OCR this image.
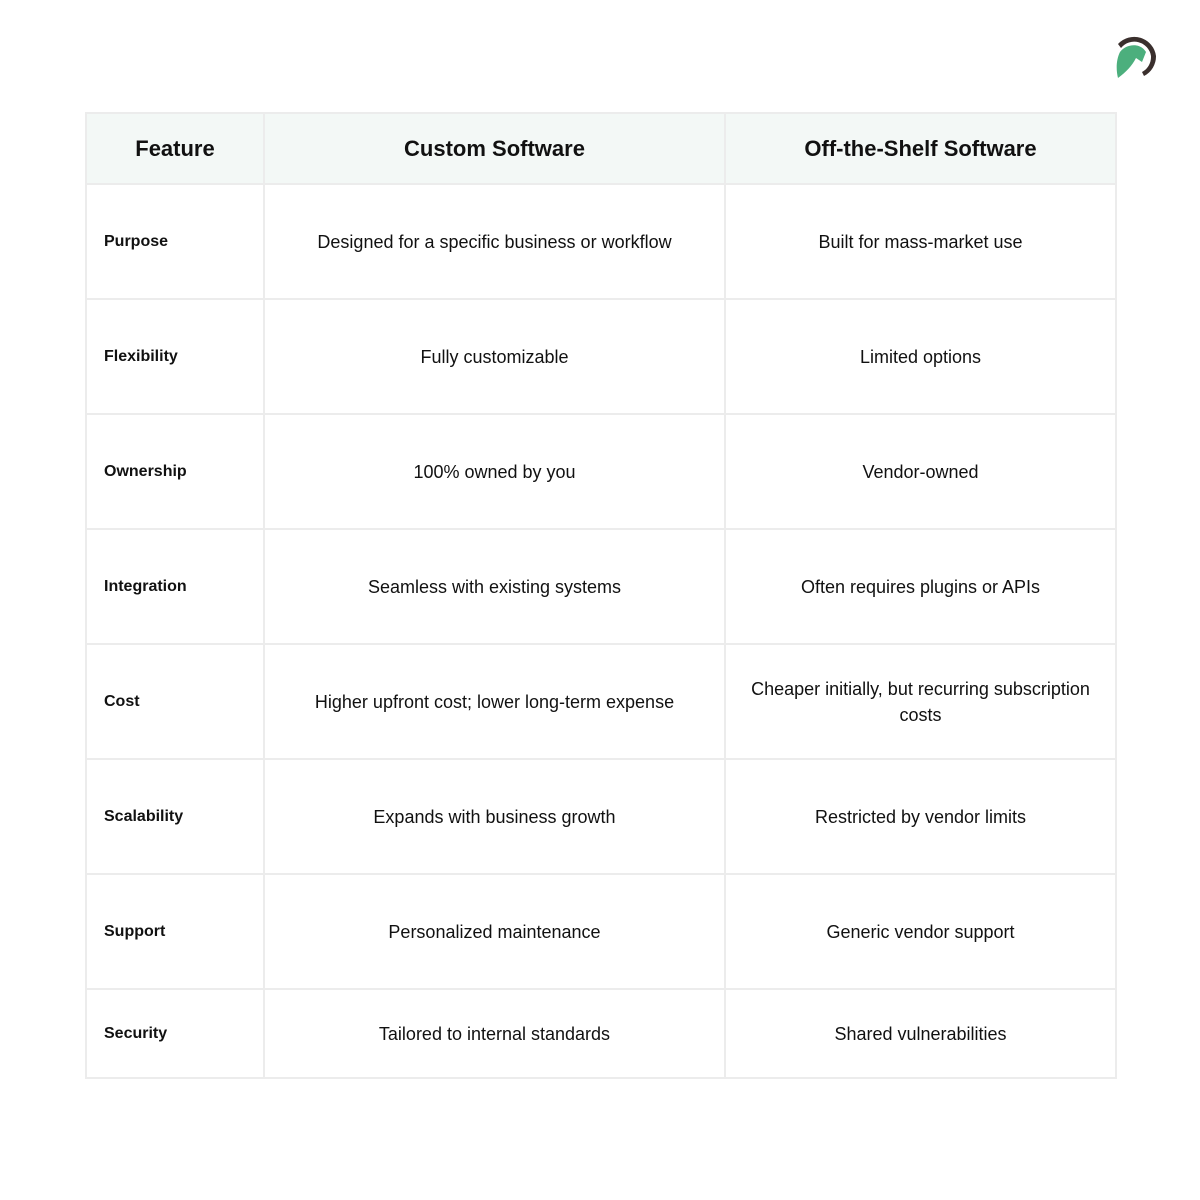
Feature	Custom Software	Off-the-Shelf Software
Purpose	Designed for a specific business or workflow	Built for mass-market use
Flexibility	Fully customizable	Limited options
Ownership	100% owned by you	Vendor-owned
Integration	Seamless with existing systems	Often requires plugins or APIs
Cost	Higher upfront cost; lower long-term expense	Cheaper initially, but recurring subscription costs
Scalability	Expands with business growth	Restricted by vendor limits
Support	Personalized maintenance	Generic vendor support
Security	Tailored to internal standards	Shared vulnerabilities
